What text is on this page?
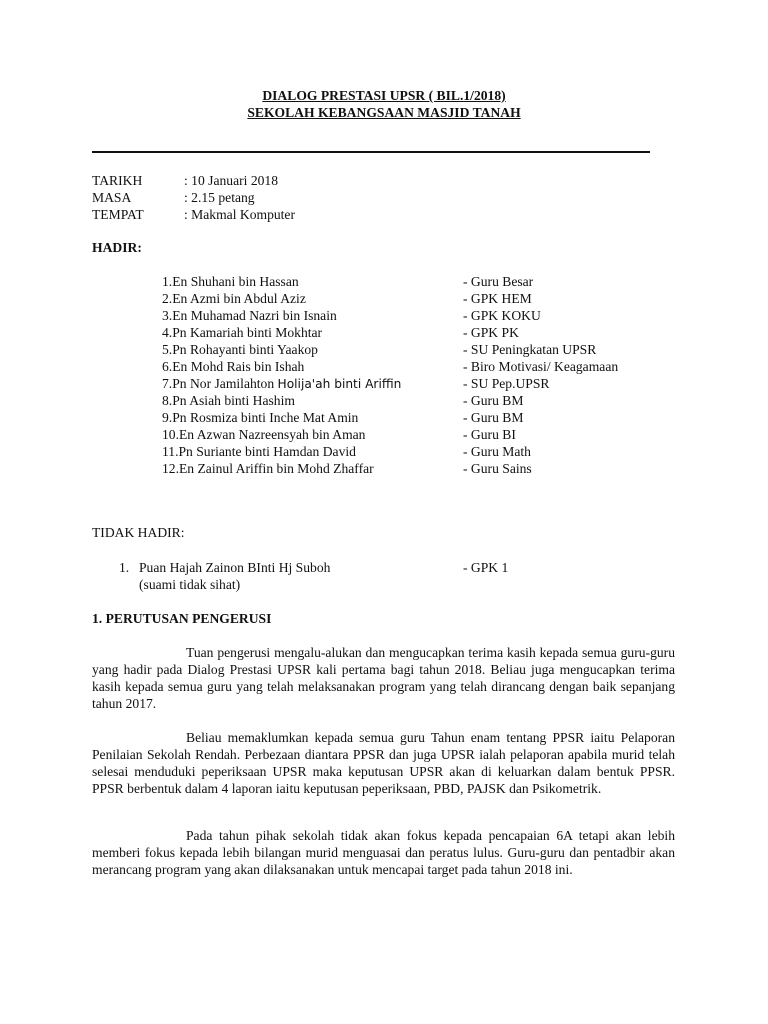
DIALOG PRESTASI UPSR ( BIL.1/2018)
SEKOLAH KEBANGSAAN MASJID TANAH
TARIKH	: 10 Januari 2018
MASA	: 2.15 petang
TEMPAT	: Makmal Komputer
HADIR:
1.En Shuhani bin Hassan	- Guru Besar
2.En Azmi bin Abdul Aziz	- GPK HEM
3.En Muhamad Nazri bin Isnain	- GPK KOKU
4.Pn Kamariah binti Mokhtar	- GPK PK
5.Pn Rohayanti binti Yaakop	- SU Peningkatan UPSR
6.En Mohd Rais bin Ishah	- Biro Motivasi/ Keagamaan
7.Pn Nor Jamilahton Holija'ah binti Ariffin	- SU Pep.UPSR
8.Pn Asiah binti Hashim	- Guru BM
9.Pn Rosmiza binti Inche Mat Amin	- Guru BM
10.En Azwan Nazreensyah bin Aman	- Guru BI
11.Pn Suriante binti Hamdan David	- Guru Math
12.En Zainul Ariffin bin Mohd Zhaffar	- Guru Sains
TIDAK HADIR:
1. Puan Hajah Zainon BInti Hj Suboh	- GPK 1
(suami tidak sihat)
1. PERUTUSAN PENGERUSI

Tuan pengerusi mengalu-alukan dan mengucapkan terima kasih kepada semua guru-guru yang hadir pada Dialog Prestasi UPSR kali pertama bagi tahun 2018. Beliau juga mengucapkan terima kasih kepada semua guru yang telah melaksanakan program yang telah dirancang dengan baik sepanjang tahun 2017.

Beliau memaklumkan kepada semua guru Tahun enam tentang PPSR iaitu Pelaporan Penilaian Sekolah Rendah. Perbezaan diantara PPSR dan juga UPSR ialah pelaporan apabila murid telah selesai menduduki peperiksaan UPSR maka keputusan UPSR akan di keluarkan dalam bentuk PPSR. PPSR berbentuk dalam 4 laporan iaitu keputusan peperiksaan, PBD, PAJSK dan Psikometrik.

Pada tahun pihak sekolah tidak akan fokus kepada pencapaian 6A tetapi akan lebih memberi fokus kepada lebih bilangan murid menguasai dan peratus lulus. Guru-guru dan pentadbir akan merancang program yang akan dilaksanakan untuk mencapai target pada tahun 2018 ini.
